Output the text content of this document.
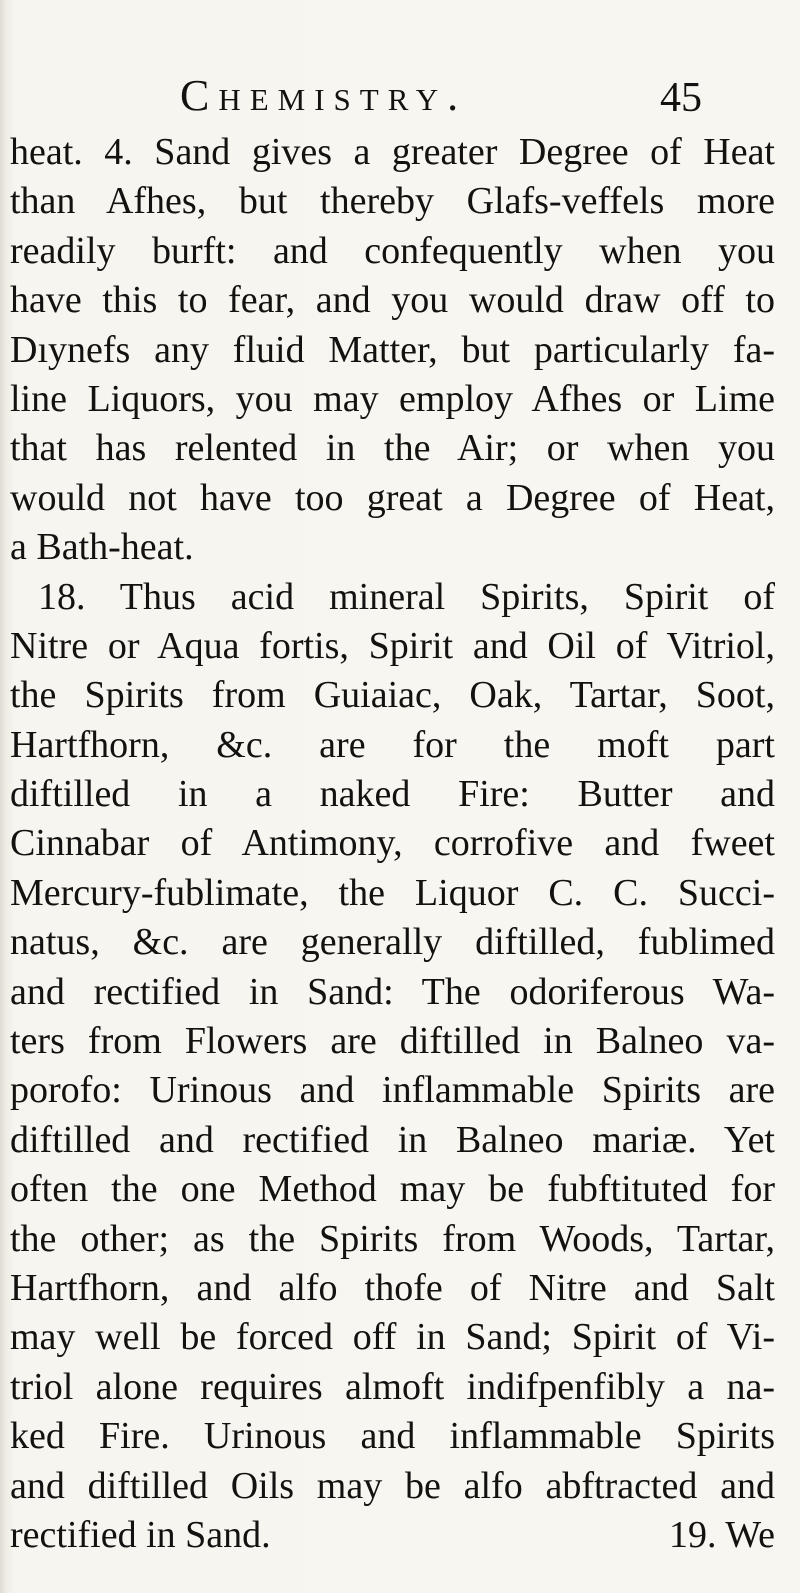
Chemistry.	45
heat. 4. Sand gives a greater Degree of Heat
than Afhes, but thereby Glafs-veffels more
readily burft: and confequently when you
have this to fear, and you would draw off to
Dıynefs any fluid Matter, but particularly fa-
line Liquors, you may employ Afhes or Lime
that has relented in the Air; or when you
would not have too great a Degree of Heat,
a Bath-heat.
18. Thus acid mineral Spirits, Spirit of
Nitre or Aqua fortis, Spirit and Oil of Vitriol,
the Spirits from Guiaiac, Oak, Tartar, Soot,
Hartfhorn, &c. are for the moft part
diftilled in a naked Fire: Butter and
Cinnabar of Antimony, corrofive and fweet
Mercury-fublimate, the Liquor C. C. Succi-
natus, &c. are generally diftilled, fublimed
and rectified in Sand: The odoriferous Wa-
ters from Flowers are diftilled in Balneo va-
porofo: Urinous and inflammable Spirits are
diftilled and rectified in Balneo mariæ. Yet
often the one Method may be fubftituted for
the other; as the Spirits from Woods, Tartar,
Hartfhorn, and alfo thofe of Nitre and Salt
may well be forced off in Sand; Spirit of Vi-
triol alone requires almoft indifpenfibly a na-
ked Fire. Urinous and inflammable Spirits
and diftilled Oils may be alfo abftracted and
rectified in Sand.	19. We
